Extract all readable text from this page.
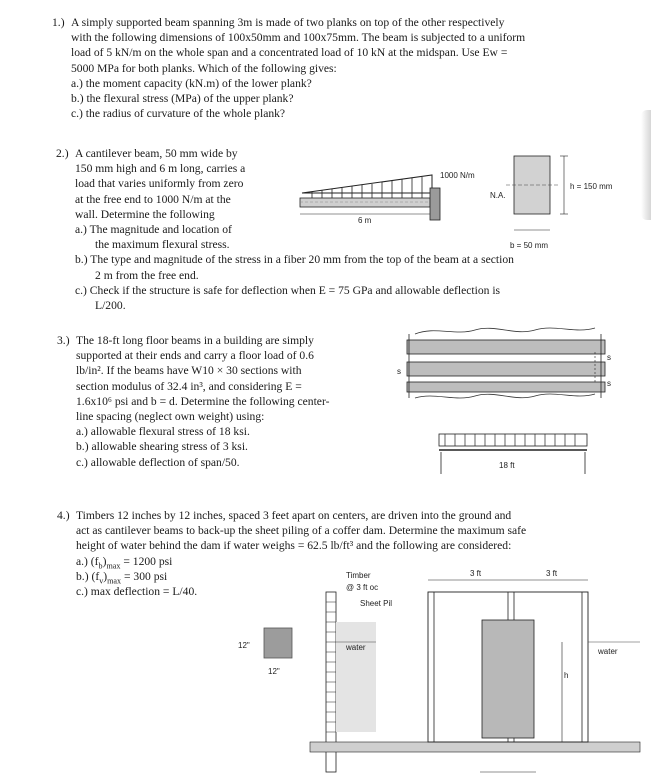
1.) A simply supported beam spanning 3m is made of two planks on top of the other respectively

with the following dimensions of 100x50mm and 100x75mm. The beam is subjected to a uniform

load of 5 kN/m on the whole span and a concentrated load of 10 kN at the midspan. Use Ew =

5000 MPa for both planks. Which of the following gives:

a.) the moment capacity (kN.m) of the lower plank?

b.) the flexural stress (MPa) of the upper plank?

c.) the radius of curvature of the whole plank?

2.) A cantilever beam, 50 mm wide by

150 mm high and 6 m long, carries a

load that varies uniformly from zero

at the free end to 1000 N/m at the

wall. Determine the following

a.) The magnitude and location of

the maximum flexural stress.

b.) The type and magnitude of the stress in a fiber 20 mm from the top of the beam at a section

2 m from the free end.

c.) Check if the structure is safe for deflection when E = 75 GPa and allowable deflection is

L/200.

6 m
1000 N/m
N.A.
h = 150 mm
b = 50 mm
3.) The 18-ft long floor beams in a building are simply

supported at their ends and carry a floor load of 0.6

lb/in². If the beams have W10 × 30 sections with

section modulus of 32.4 in³, and considering E =

1.6x10⁶ psi and b = d. Determine the following center-

line spacing (neglect own weight) using:

a.) allowable flexural stress of 18 ksi.

b.) allowable shearing stress of 3 ksi.

c.) allowable deflection of span/50.

s
s
s
18 ft
4.) Timbers 12 inches by 12 inches, spaced 3 feet apart on centers, are driven into the ground and

act as cantilever beams to back-up the sheet piling of a coffer dam. Determine the maximum safe

height of water behind the dam if water weighs = 62.5 lb/ft³ and the following are considered:

a.) $(f_b)_{max} = 1200$ psi

b.) $(f_v)_{max} = 300$ psi

c.) max deflection = L/40.

12"
12"
Timber
@ 3 ft oc
Sheet Pil
water
3 ft	3 ft
h
water
